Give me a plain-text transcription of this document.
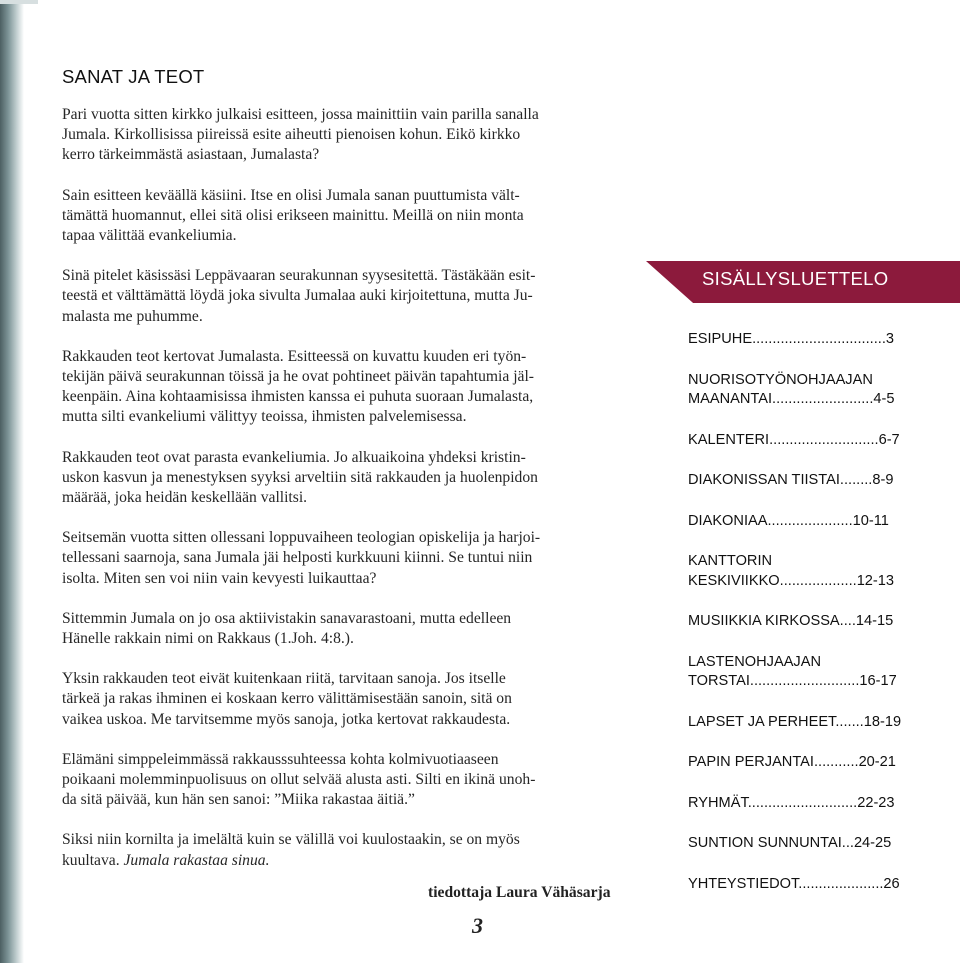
SANAT JA TEOT

Pari vuotta sitten kirkko julkaisi esitteen, jossa mainittiin vain parilla sanalla
Jumala. Kirkollisissa piireissä esite aiheutti pienoisen kohun. Eikö kirkko
kerro tärkeimmästä asiastaan, Jumalasta?

Sain esitteen keväällä käsiini. Itse en olisi Jumala sanan puuttumista vält-
tämättä huomannut, ellei sitä olisi erikseen mainittu. Meillä on niin monta
tapaa välittää evankeliumia.

Sinä pitelet käsissäsi Leppävaaran seurakunnan syysesitettä. Tästäkään esit-
teestä et välttämättä löydä joka sivulta Jumalaa auki kirjoitettuna, mutta Ju-
malasta me puhumme.

Rakkauden teot kertovat Jumalasta. Esitteessä on kuvattu kuuden eri työn-
tekijän päivä seurakunnan töissä ja he ovat pohtineet päivän tapahtumia jäl-
keenpäin. Aina kohtaamisissa ihmisten kanssa ei puhuta suoraan Jumalasta,
mutta silti evankeliumi välittyy teoissa, ihmisten palvelemisessa.

Rakkauden teot ovat parasta evankeliumia. Jo alkuaikoina yhdeksi kristin-
uskon kasvun ja menestyksen syyksi arveltiin sitä rakkauden ja huolenpidon
määrää, joka heidän keskellään vallitsi.

Seitsemän vuotta sitten ollessani loppuvaiheen teologian opiskelija ja harjoi-
tellessani saarnoja, sana Jumala jäi helposti kurkkuuni kiinni. Se tuntui niin
isolta. Miten sen voi niin vain kevyesti luikauttaa?

Sittemmin Jumala on jo osa aktiivistakin sanavarastoani, mutta edelleen
Hänelle rakkain nimi on Rakkaus (1.Joh. 4:8.).

Yksin rakkauden teot eivät kuitenkaan riitä, tarvitaan sanoja. Jos itselle
tärkeä ja rakas ihminen ei koskaan kerro välittämisestään sanoin, sitä on
vaikea uskoa. Me tarvitsemme myös sanoja, jotka kertovat rakkaudesta.

Elämäni simppeleimmässä rakkausssuhteessa kohta kolmivuotiaaseen
poikaani molemminpuolisuus on ollut selvää alusta asti. Silti en ikinä unoh-
da sitä päivää, kun hän sen sanoi: ”Miika rakastaa äitiä.”

Siksi niin kornilta ja imelältä kuin se välillä voi kuulostaakin, se on myös
kuultava. Jumala rakastaa sinua.

tiedottaja Laura Vähäsarja

3

SISÄLLYSLUETTELO
ESIPUHE.................................3
NUORISOTYÖNOHJAAJAN
MAANANTAI.........................4-5
KALENTERI...........................6-7
DIAKONISSAN TIISTAI........8-9
DIAKONIAA.....................10-11
KANTTORIN
KESKIVIIKKO...................12-13
MUSIIKKIA KIRKOSSA....14-15
LASTENOHJAAJAN
TORSTAI...........................16-17
LAPSET JA PERHEET.......18-19
PAPIN PERJANTAI...........20-21
RYHMÄT...........................22-23
SUNTION SUNNUNTAI...24-25
YHTEYSTIEDOT.....................26
